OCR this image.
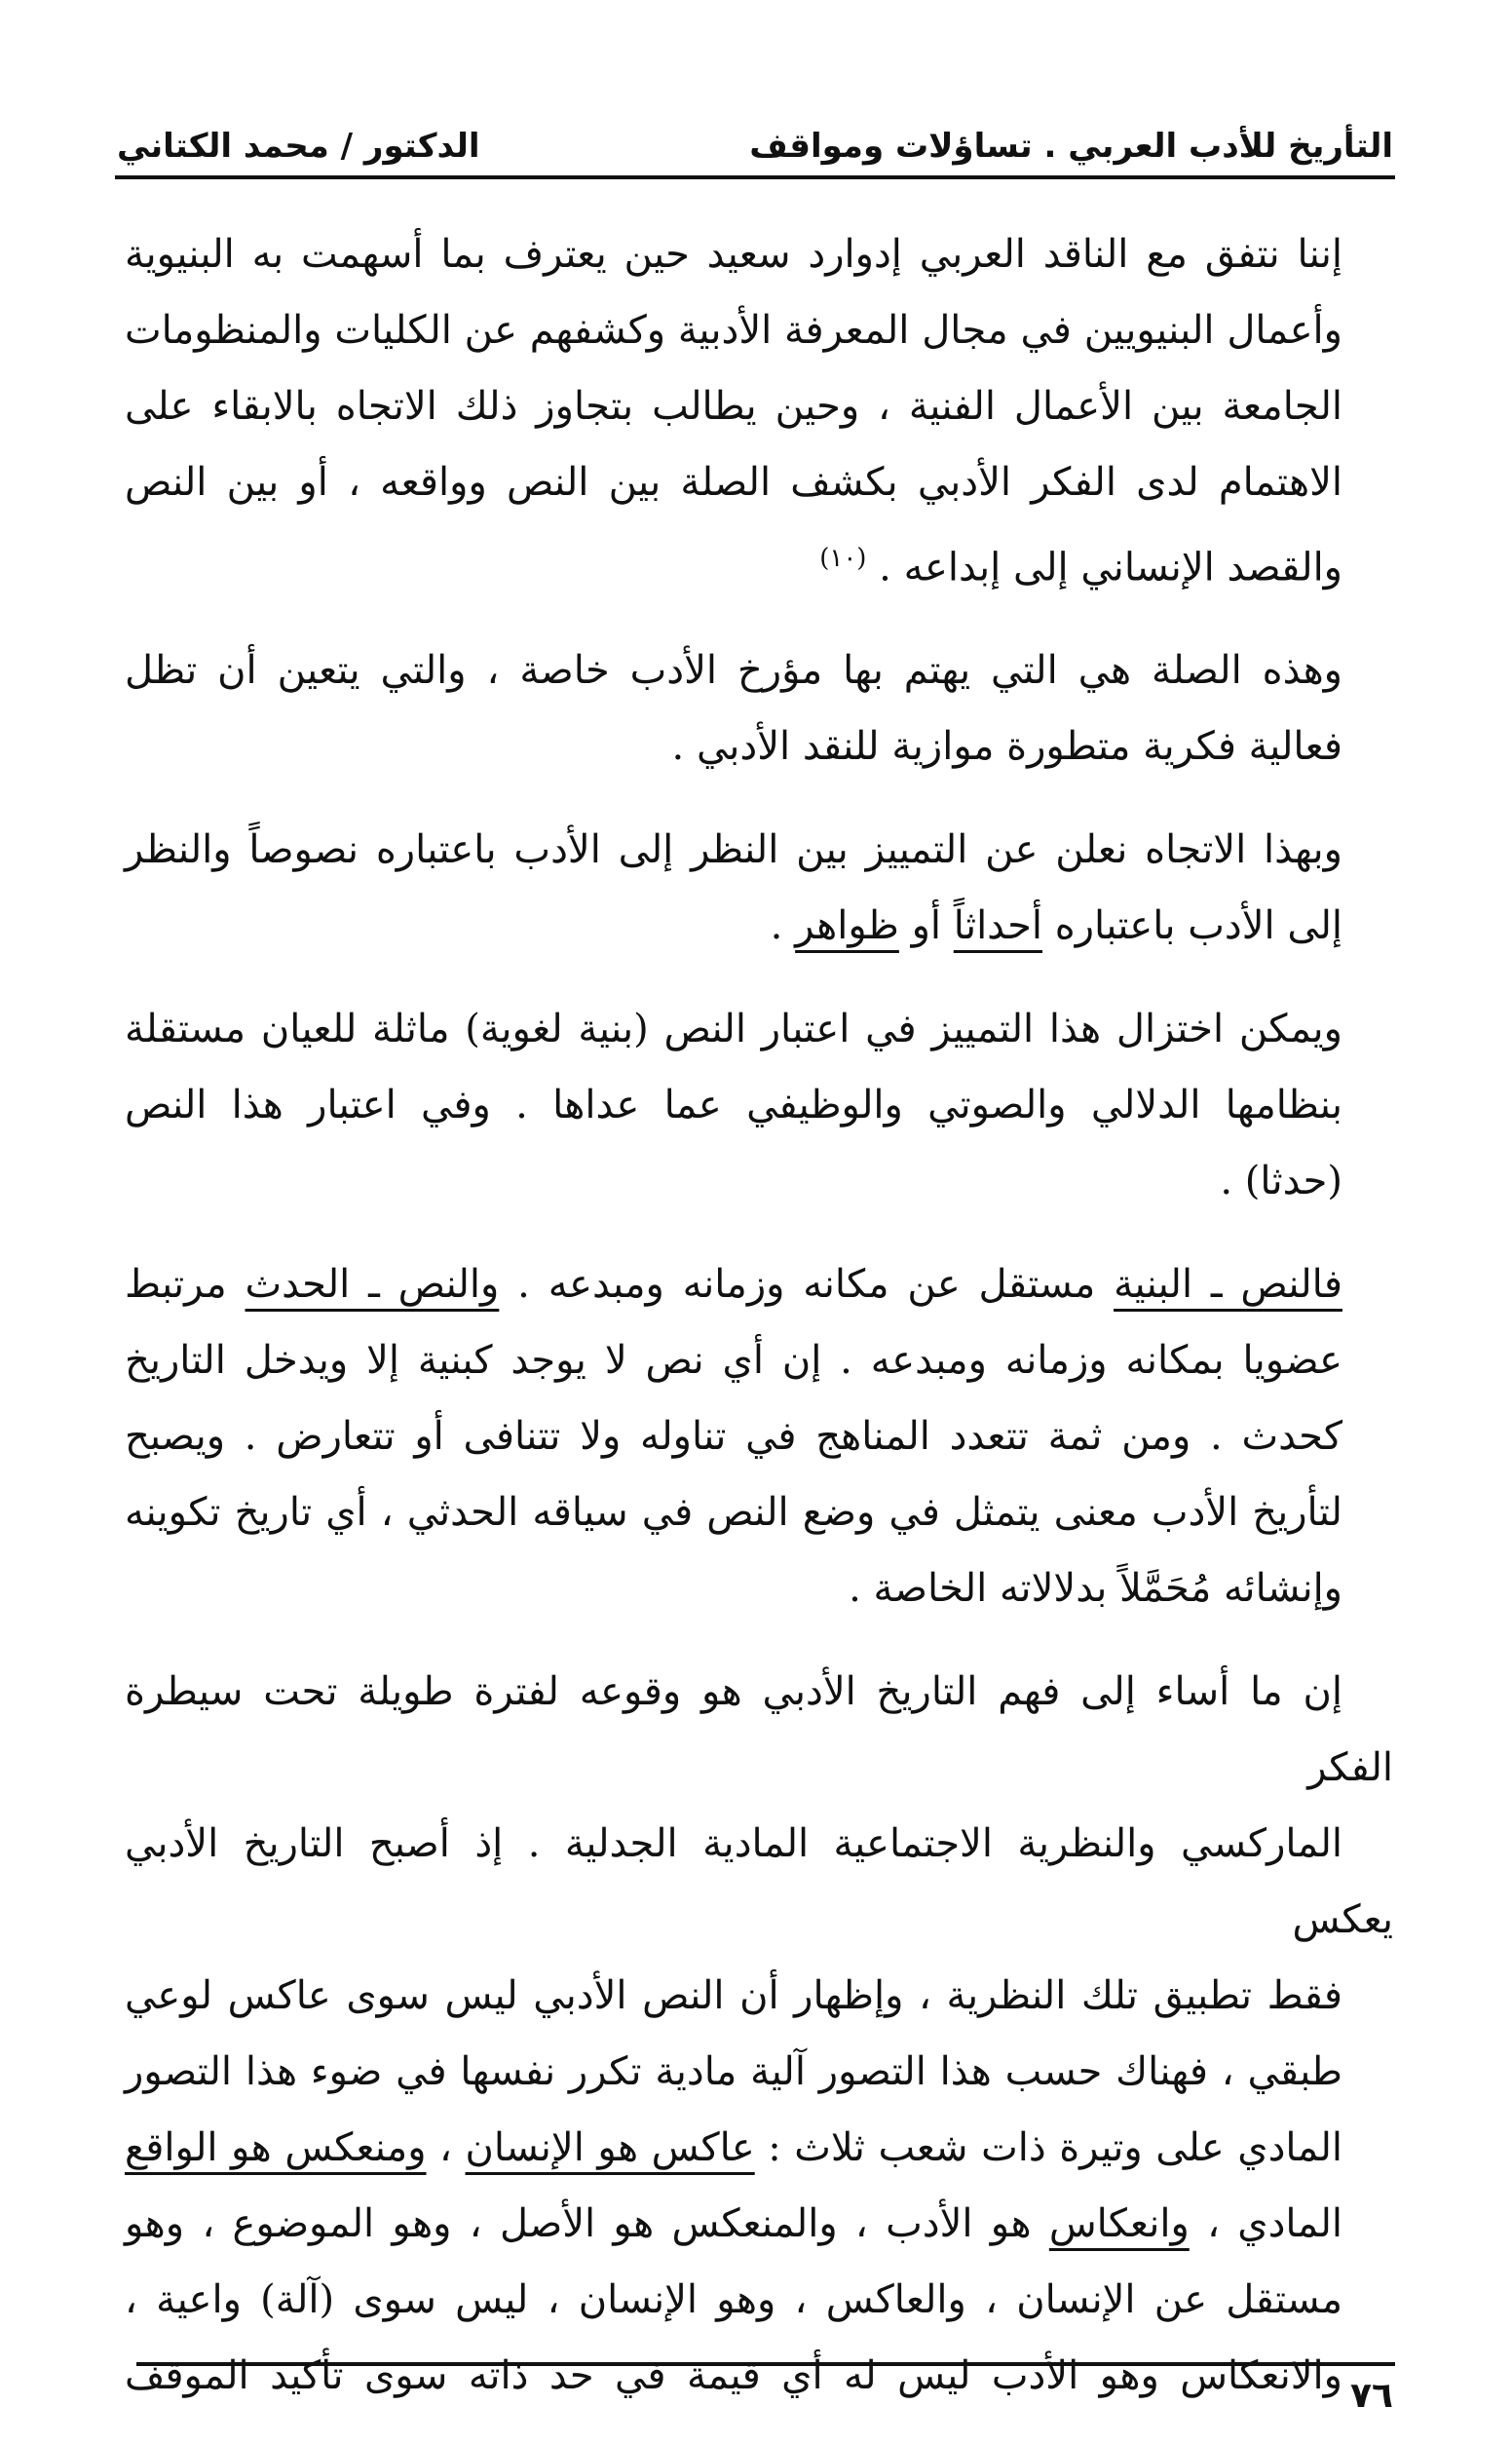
التأريخ للأدب العربي . تساؤلات ومواقف
الدكتور / محمد الكتاني

إننا نتفق مع الناقد العربي إدوارد سعيد حين يعترف بما أسهمت به البنيوية
وأعمال البنيويين في مجال المعرفة الأدبية وكشفهم عن الكليات والمنظومات
الجامعة بين الأعمال الفنية ، وحين يطالب بتجاوز ذلك الاتجاه بالابقاء على
الاهتمام لدى الفكر الأدبي بكشف الصلة بين النص وواقعه ، أو بين النص
والقصد الإنساني إلى إبداعه . $^{(١٠)}$

وهذه الصلة هي التي يهتم بها مؤرخ الأدب خاصة ، والتي يتعين أن تظل
فعالية فكرية متطورة موازية للنقد الأدبي .

وبهذا الاتجاه نعلن عن التمييز بين النظر إلى الأدب باعتباره نصوصاً والنظر
إلى الأدب باعتباره أحداثاً أو ظواهر .

ويمكن اختزال هذا التمييز في اعتبار النص (بنية لغوية) ماثلة للعيان مستقلة
بنظامها الدلالي والصوتي والوظيفي عما عداها . وفي اعتبار هذا النص
(حدثا) .

فالنص ـ البنية مستقل عن مكانه وزمانه ومبدعه . والنص ـ الحدث مرتبط
عضويا بمكانه وزمانه ومبدعه . إن أي نص لا يوجد كبنية إلا ويدخل التاريخ
كحدث . ومن ثمة تتعدد المناهج في تناوله ولا تتنافى أو تتعارض . ويصبح
لتأريخ الأدب معنى يتمثل في وضع النص في سياقه الحدثي ، أي تاريخ تكوينه
وإنشائه مُحَمَّلاً بدلالاته الخاصة .

إن ما أساء إلى فهم التاريخ الأدبي هو وقوعه لفترة طويلة تحت سيطرة الفكر
الماركسي والنظرية الاجتماعية المادية الجدلية . إذ أصبح التاريخ الأدبي يعكس
فقط تطبيق تلك النظرية ، وإظهار أن النص الأدبي ليس سوى عاكس لوعي
طبقي ، فهناك حسب هذا التصور آلية مادية تكرر نفسها في ضوء هذا التصور
المادي على وتيرة ذات شعب ثلاث : عاكس هو الإنسان ، ومنعكس هو الواقع
المادي ، وانعكاس هو الأدب ، والمنعكس هو الأصل ، وهو الموضوع ، وهو
مستقل عن الإنسان ، والعاكس ، وهو الإنسان ، ليس سوى (آلة) واعية ،
والانعكاس وهو الأدب ليس له أي قيمة في حد ذاته سوى تأكيد الموقف ٧٦
